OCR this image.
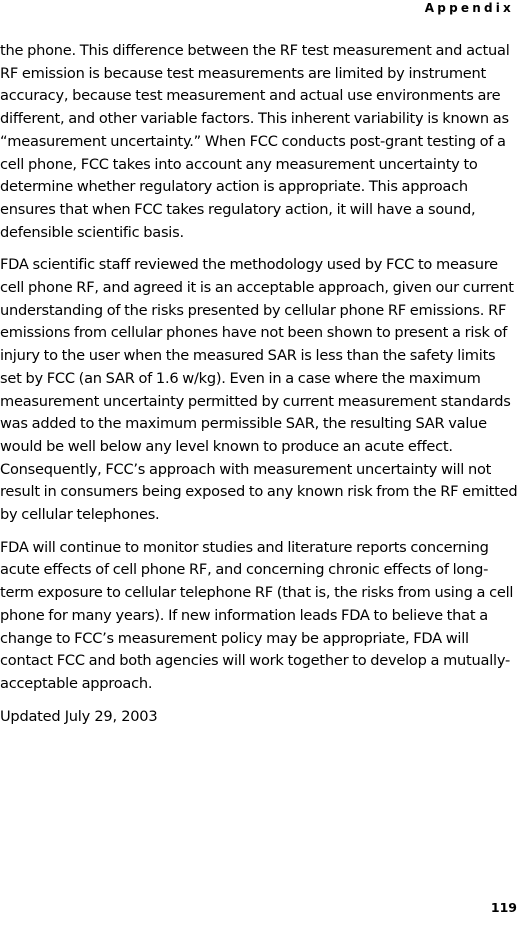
Appendix

the phone. This difference between the RF test measurement and actual RF emission is because test measurements are limited by instrument accuracy, because test measurement and actual use environments are different, and other variable factors. This inherent variability is known as “measurement uncertainty.” When FCC conducts post-grant testing of a cell phone, FCC takes into account any measurement uncertainty to determine whether regulatory action is appropriate. This approach ensures that when FCC takes regulatory action, it will have a sound, defensible scientific basis.

FDA scientific staff reviewed the methodology used by FCC to measure cell phone RF, and agreed it is an acceptable approach, given our current understanding of the risks presented by cellular phone RF emissions. RF emissions from cellular phones have not been shown to present a risk of injury to the user when the measured SAR is less than the safety limits set by FCC (an SAR of 1.6 w/kg). Even in a case where the maximum measurement uncertainty permitted by current measurement standards was added to the maximum permissible SAR, the resulting SAR value would be well below any level known to produce an acute effect. Consequently, FCC’s approach with measurement uncertainty will not result in consumers being exposed to any known risk from the RF emitted by cellular telephones.

FDA will continue to monitor studies and literature reports concerning acute effects of cell phone RF, and concerning chronic effects of long-term exposure to cellular telephone RF (that is, the risks from using a cell phone for many years). If new information leads FDA to believe that a change to FCC’s measurement policy may be appropriate, FDA will contact FCC and both agencies will work together to develop a mutually-acceptable approach.

Updated July 29, 2003

119
